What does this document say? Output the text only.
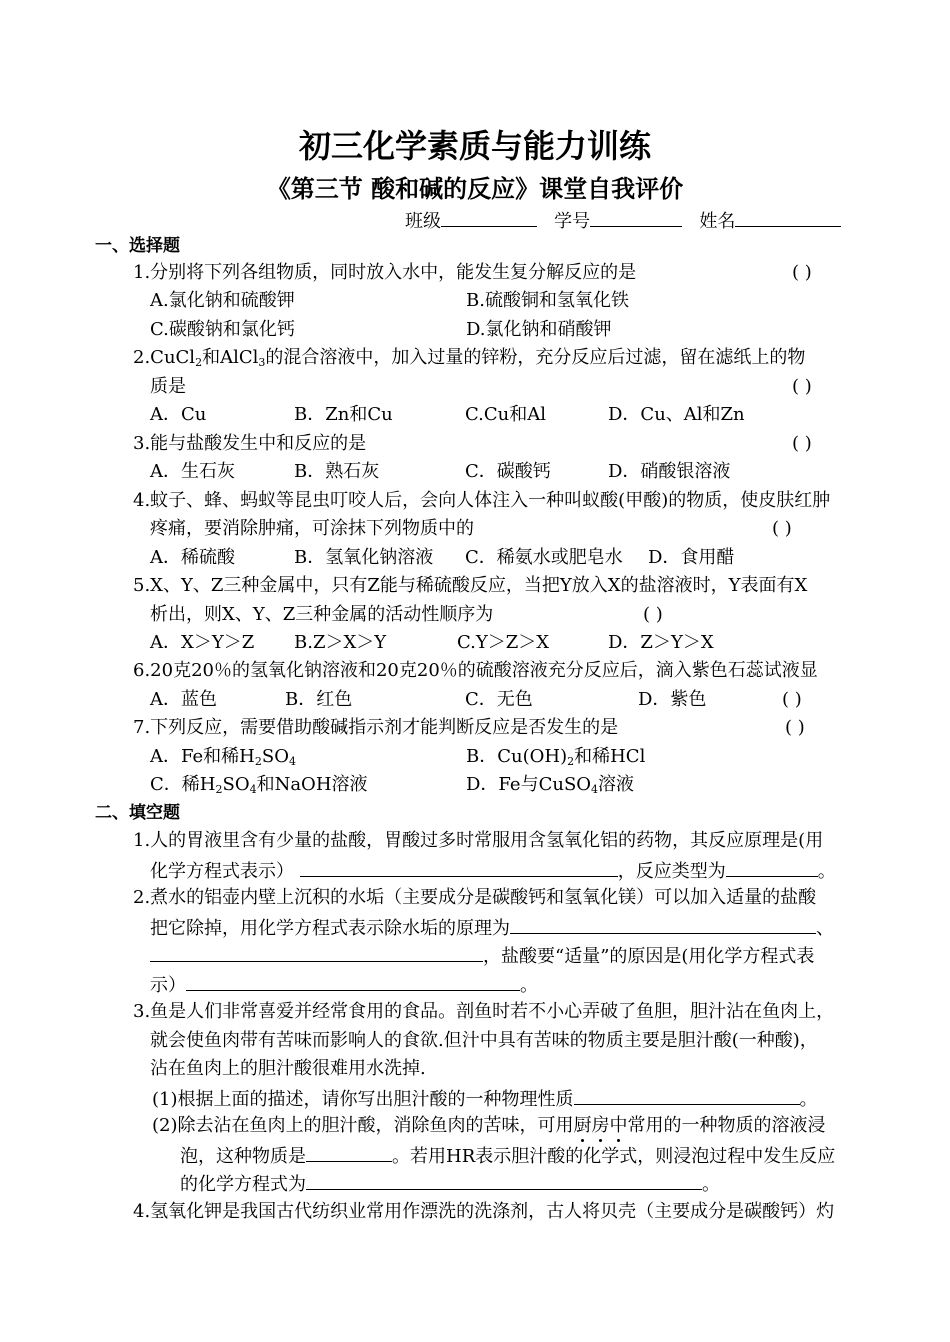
初三化学素质与能力训练
《第三节 酸和碱的反应》课堂自我评价
班级	学号	姓名
一、选择题
1.分别将下列各组物质，同时放入水中，能发生复分解反应的是	( )
A.氯化钠和硫酸钾	B.硫酸铜和氢氧化铁
C.碳酸钠和氯化钙	D.氯化钠和硝酸钾
2.CuCl$_2$和AlCl$_3$的混合溶液中，加入过量的锌粉，充分反应后过滤，留在滤纸上的物
质是	( )
A．Cu	B．Zn和Cu	C.Cu和Al	D．Cu、Al和Zn
3.能与盐酸发生中和反应的是	( )
A．生石灰	B．熟石灰	C．碳酸钙	D．硝酸银溶液
4.蚊子、蜂、蚂蚁等昆虫叮咬人后，会向人体注入一种叫蚁酸(甲酸)的物质，使皮肤红肿
疼痛，要消除肿痛，可涂抹下列物质中的	( )
A．稀硫酸	B．氢氧化钠溶液 C．稀氨水或肥皂水 D．食用醋
5.X、Y、Z三种金属中，只有Z能与稀硫酸反应，当把Y放入X的盐溶液时，Y表面有X
析出，则X、Y、Z三种金属的活动性顺序为	( )
A．X＞Y＞Z B.Z＞X＞Y	C.Y＞Z＞X	D．Z＞Y＞X
6.20克20％的氢氧化钠溶液和20克20％的硫酸溶液充分反应后，滴入紫色石蕊试液显
A．蓝色	B．红色	C．无色	D．紫色	( )
7.下列反应，需要借助酸碱指示剂才能判断反应是否发生的是	( )
A．Fe和稀$H_2SO_4$	B．$Cu(OH)_2$和稀HCl
C．稀$H_2SO_4$和NaOH溶液	D．Fe与CuSO$_4$溶液
二、填空题
1.人的胃液里含有少量的盐酸，胃酸过多时常服用含氢氧化铝的药物，其反应原理是(用
化学方程式表示）	，反应类型为	。
2.煮水的铝壶内壁上沉积的水垢（主要成分是碳酸钙和氢氧化镁）可以加入适量的盐酸
把它除掉，用化学方程式表示除水垢的原理为	、
，盐酸要“适量”的原因是(用化学方程式表
示）	。
3.鱼是人们非常喜爱并经常食用的食品。剖鱼时若不小心弄破了鱼胆，胆汁沾在鱼肉上，
就会使鱼肉带有苦味而影响人的食欲.但汁中具有苦味的物质主要是胆汁酸(一种酸)，
沾在鱼肉上的胆汁酸很难用水洗掉.
(1)根据上面的描述，请你写出胆汁酸的一种物理性质	。
(2)除去沾在鱼肉上的胆汁酸，消除鱼肉的苦味，可用厨房中常用的一种物质的溶液浸
泡，这种物质是	。若用HR表示胆汁酸的化学式，则浸泡过程中发生反应
的化学方程式为	。
4.氢氧化钾是我国古代纺织业常用作漂洗的洗涤剂，古人将贝壳（主要成分是碳酸钙）灼
